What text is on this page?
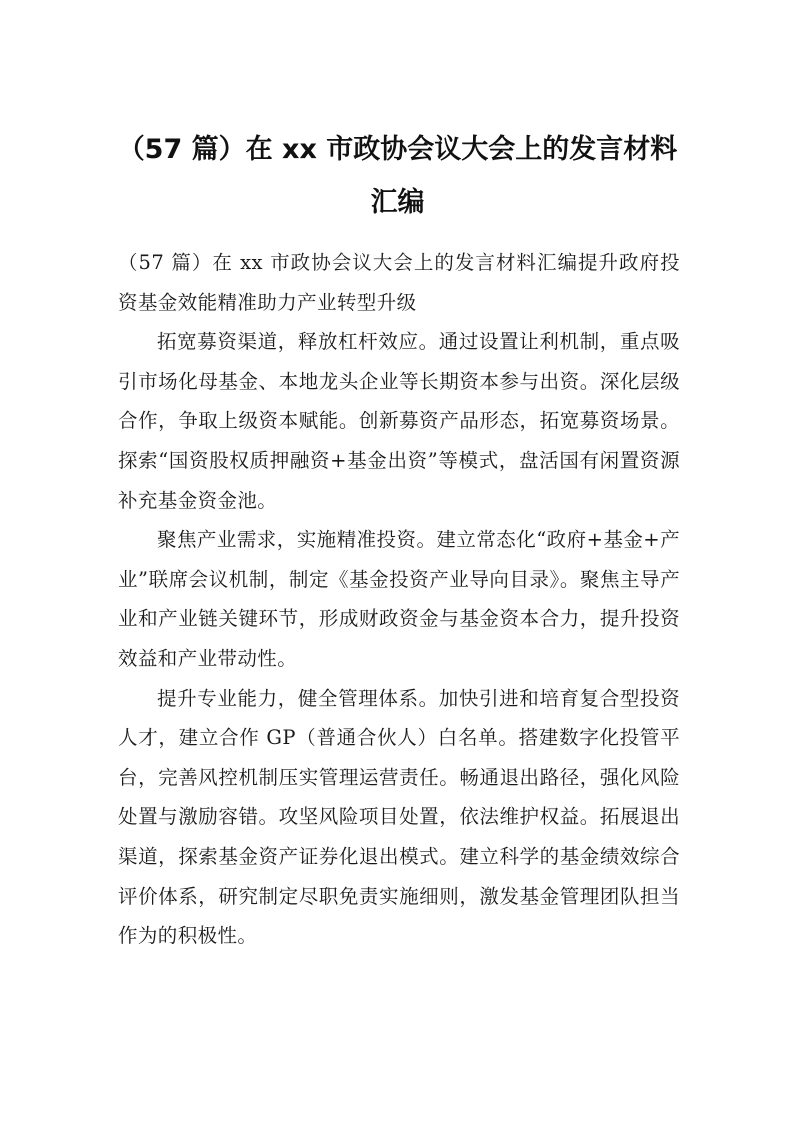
（57 篇）在 xx 市政协会议大会上的发言材料汇编

（57 篇）在 xx 市政协会议大会上的发言材料汇编提升政府投资基金效能精准助力产业转型升级

拓宽募资渠道，释放杠杆效应。通过设置让利机制，重点吸引市场化母基金、本地龙头企业等长期资本参与出资。深化层级合作，争取上级资本赋能。创新募资产品形态，拓宽募资场景。探索“国资股权质押融资+基金出资”等模式，盘活国有闲置资源补充基金资金池。

聚焦产业需求，实施精准投资。建立常态化“政府+基金+产业”联席会议机制，制定《基金投资产业导向目录》。聚焦主导产业和产业链关键环节，形成财政资金与基金资本合力，提升投资效益和产业带动性。

提升专业能力，健全管理体系。加快引进和培育复合型投资人才，建立合作 GP（普通合伙人）白名单。搭建数字化投管平台，完善风控机制压实管理运营责任。畅通退出路径，强化风险处置与激励容错。攻坚风险项目处置，依法维护权益。拓展退出渠道，探索基金资产证券化退出模式。建立科学的基金绩效综合评价体系，研究制定尽职免责实施细则，激发基金管理团队担当作为的积极性。
